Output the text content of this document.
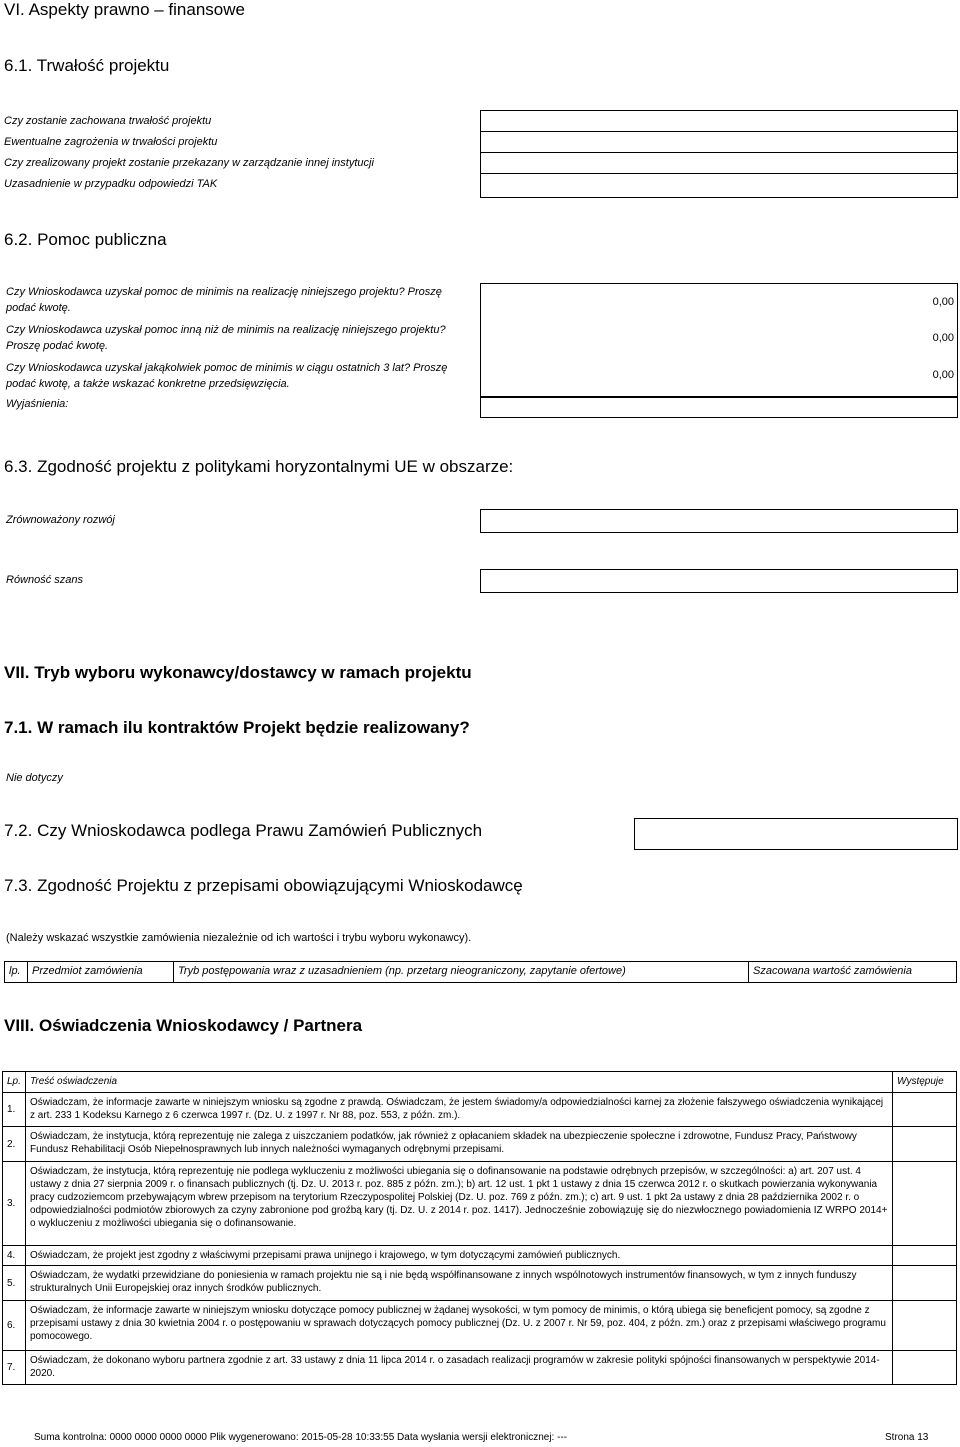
VI. Aspekty prawno – finansowe
6.1. Trwałość projektu
Czy zostanie zachowana trwałość projektu
Ewentualne zagrożenia w trwałości projektu
Czy zrealizowany projekt zostanie przekazany w zarządzanie innej instytucji
Uzasadnienie w przypadku odpowiedzi TAK
6.2. Pomoc publiczna
Czy Wnioskodawca uzyskał pomoc de minimis na realizację niniejszego projektu? Proszę podać kwotę.	0,00
Czy Wnioskodawca uzyskał pomoc inną niż de minimis na realizację niniejszego projektu? Proszę podać kwotę.
0,00
Czy Wnioskodawca uzyskał jakąkolwiek pomoc de minimis w ciągu ostatnich 3 lat? Proszę podać kwotę, a także wskazać konkretne przedsięwzięcia.
0,00
Wyjaśnienia:
6.3. Zgodność projektu z politykami horyzontalnymi UE w obszarze:
Zrównoważony rozwój
Równość szans
VII. Tryb wyboru wykonawcy/dostawcy w ramach projektu
7.1. W ramach ilu kontraktów Projekt będzie realizowany?
Nie dotyczy
7.2. Czy Wnioskodawca podlega Prawu Zamówień Publicznych
7.3. Zgodność Projektu z przepisami obowiązującymi Wnioskodawcę
(Należy wskazać wszystkie zamówienia niezależnie od ich wartości i trybu wyboru wykonawcy).
lp.	Przedmiot zamówienia	Tryb postępowania wraz z uzasadnieniem (np. przetarg nieograniczony, zapytanie ofertowe)	Szacowana wartość zamówienia
VIII. Oświadczenia Wnioskodawcy / Partnera
Lp.	Treść oświadczenia	Występuje
1.	Oświadczam, że informacje zawarte w niniejszym wniosku są zgodne z prawdą. Oświadczam, że jestem świadomy/a odpowiedzialności karnej za złożenie fałszywego oświadczenia wynikającej z art. 233 1 Kodeksu Karnego z 6 czerwca 1997 r. (Dz. U. z 1997 r. Nr 88, poz. 553, z późn. zm.).	
2.	Oświadczam, że instytucja, którą reprezentuję nie zalega z uiszczaniem podatków, jak również z opłacaniem składek na ubezpieczenie społeczne i zdrowotne, Fundusz Pracy, Państwowy Fundusz Rehabilitacji Osób Niepełnosprawnych lub innych należności wymaganych odrębnymi przepisami.	
3.	Oświadczam, że instytucja, którą reprezentuję nie podlega wykluczeniu z możliwości ubiegania się o dofinansowanie na podstawie odrębnych przepisów, w szczególności: a) art. 207 ust. 4 ustawy z dnia 27 sierpnia 2009 r. o finansach publicznych (tj. Dz. U. 2013 r. poz. 885 z późn. zm.); b) art. 12 ust. 1 pkt 1 ustawy z dnia 15 czerwca 2012 r. o skutkach powierzania wykonywania pracy cudzoziemcom przebywającym wbrew przepisom na terytorium Rzeczypospolitej Polskiej (Dz. U. poz. 769 z późn. zm.); c) art. 9 ust. 1 pkt 2a ustawy z dnia 28 października 2002 r. o odpowiedzialności podmiotów zbiorowych za czyny zabronione pod groźbą kary (tj. Dz. U. z 2014 r. poz. 1417). Jednocześnie zobowiązuję się do niezwłocznego powiadomienia IZ WRPO 2014+ o wykluczeniu z możliwości ubiegania się o dofinansowanie.	
4.	Oświadczam, że projekt jest zgodny z właściwymi przepisami prawa unijnego i krajowego, w tym dotyczącymi zamówień publicznych.	
5.	Oświadczam, że wydatki przewidziane do poniesienia w ramach projektu nie są i nie będą współfinansowane z innych wspólnotowych instrumentów finansowych, w tym z innych funduszy strukturalnych Unii Europejskiej oraz innych środków publicznych.	
6.	Oświadczam, że informacje zawarte w niniejszym wniosku dotyczące pomocy publicznej w żądanej wysokości, w tym pomocy de minimis, o którą ubiega się beneficjent pomocy, są zgodne z przepisami ustawy z dnia 30 kwietnia 2004 r. o postępowaniu w sprawach dotyczących pomocy publicznej (Dz. U. z 2007 r. Nr 59, poz. 404, z późn. zm.) oraz z przepisami właściwego programu pomocowego.	
7.	Oświadczam, że dokonano wyboru partnera zgodnie z art. 33 ustawy z dnia 11 lipca 2014 r. o zasadach realizacji programów w zakresie polityki spójności finansowanych w perspektywie 2014-2020.	
Suma kontrolna: 0000 0000 0000 0000 Plik wygenerowano: 2015-05-28 10:33:55 Data wysłania wersji elektronicznej: ---	Strona 13
